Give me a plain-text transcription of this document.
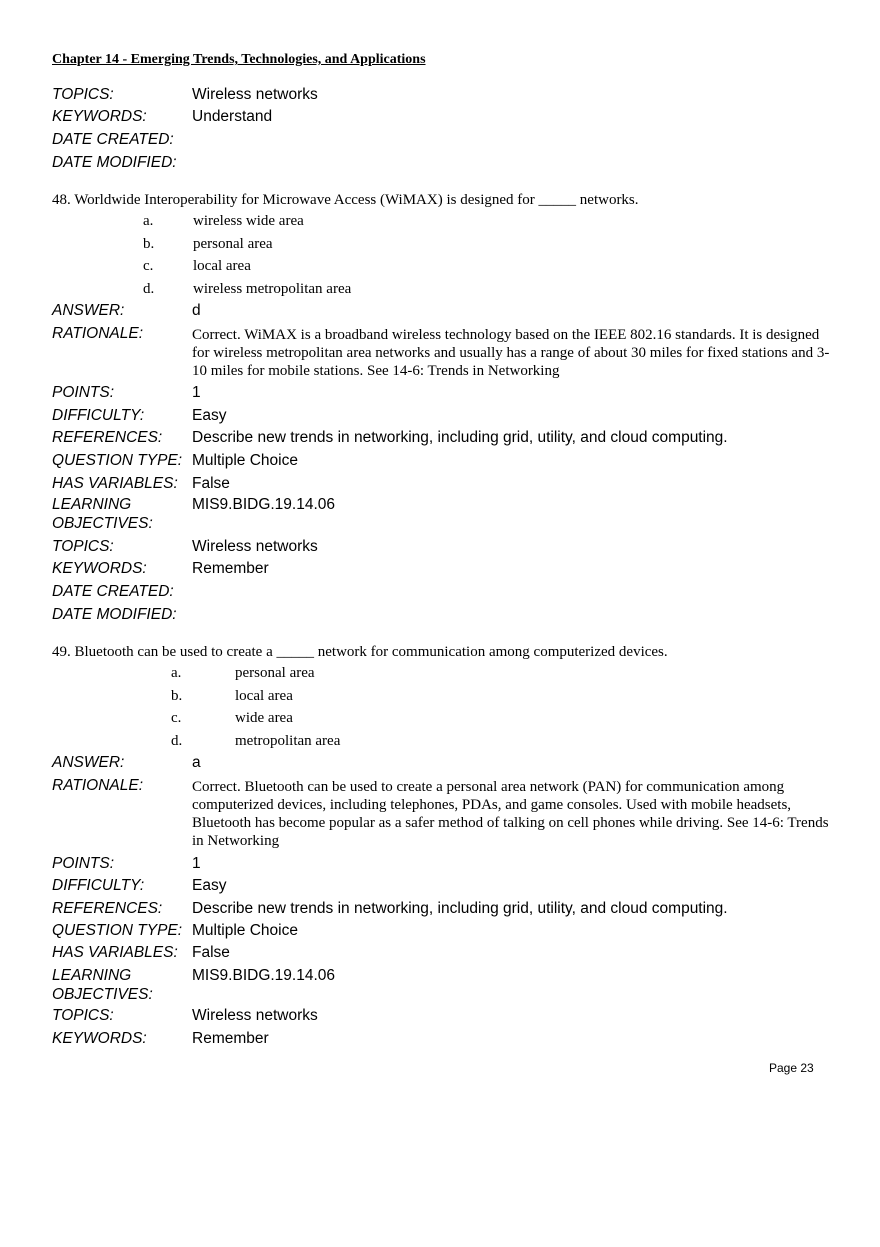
Chapter 14 - Emerging Trends, Technologies, and Applications
TOPICS:	Wireless networks
KEYWORDS:	Understand
DATE CREATED:
DATE MODIFIED:
48. Worldwide Interoperability for Microwave Access (WiMAX) is designed for _____ networks.
a.	wireless wide area
b.	personal area
c.	local area
d.	wireless metropolitan area
ANSWER:	d
RATIONALE:	Correct. WiMAX is a broadband wireless technology based on the IEEE 802.16 standards. It is designed for wireless metropolitan area networks and usually has a range of about 30 miles for fixed stations and 3-10 miles for mobile stations. See 14-6: Trends in Networking
POINTS:	1
DIFFICULTY:	Easy
REFERENCES: Describe new trends in networking, including grid, utility, and cloud computing.
QUESTION TYPE: Multiple Choice
HAS VARIABLES: False
LEARNING OBJECTIVES:
MIS9.BIDG.19.14.06
TOPICS:	Wireless networks
KEYWORDS:	Remember
DATE CREATED:
DATE MODIFIED:
49. Bluetooth can be used to create a _____ network for communication among computerized devices.
a.	personal area
b.	local area
c.	wide area
d.	metropolitan area
ANSWER:	a
RATIONALE:	Correct. Bluetooth can be used to create a personal area network (PAN) for communication among computerized devices, including telephones, PDAs, and game consoles. Used with mobile headsets, Bluetooth has become popular as a safer method of talking on cell phones while driving. See 14-6: Trends in Networking
POINTS:	1
DIFFICULTY:	Easy
REFERENCES: Describe new trends in networking, including grid, utility, and cloud computing.
QUESTION TYPE: Multiple Choice
HAS VARIABLES: False
LEARNING OBJECTIVES:
MIS9.BIDG.19.14.06
TOPICS:	Wireless networks
KEYWORDS:	Remember
Page 23
